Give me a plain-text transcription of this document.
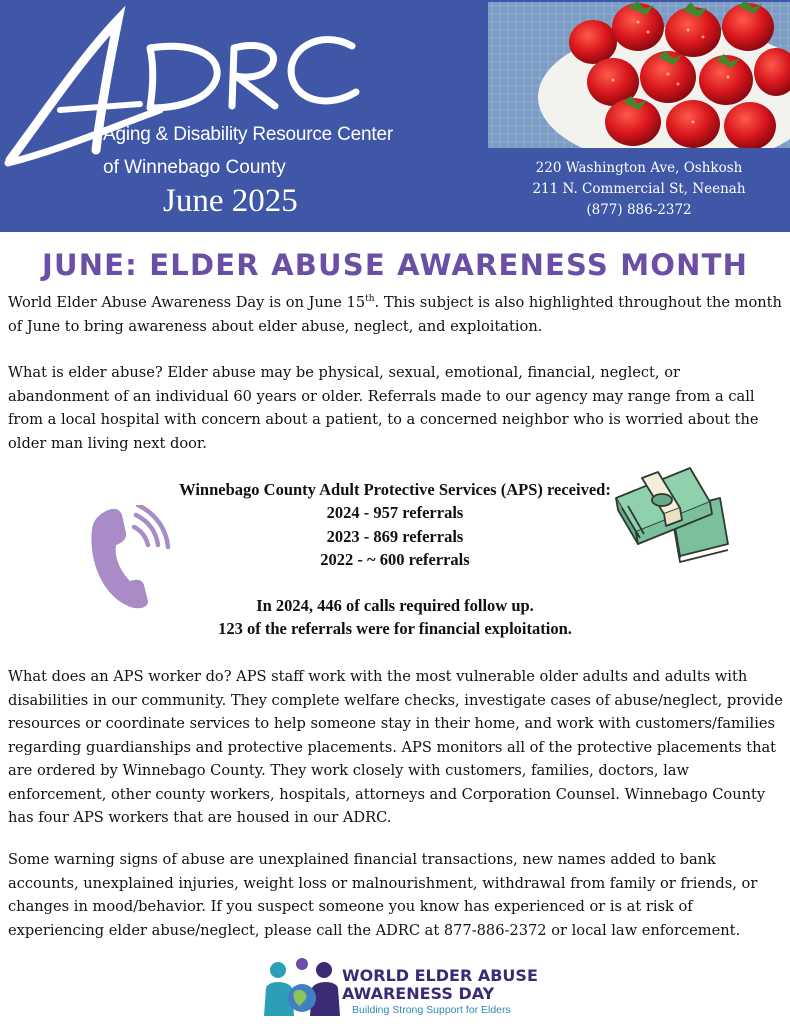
Aging & Disability Resource Center
of Winnebago County
June 2025
220 Washington Ave, Oshkosh
211 N. Commercial St, Neenah
(877) 886-2372
JUNE: ELDER ABUSE AWARENESS MONTH
World Elder Abuse Awareness Day is on June 15th. This subject is also highlighted throughout the month of June to bring awareness about elder abuse, neglect, and exploitation.
What is elder abuse? Elder abuse may be physical, sexual, emotional, financial, neglect, or abandonment of an individual 60 years or older. Referrals made to our agency may range from a call from a local hospital with concern about a patient, to a concerned neighbor who is worried about the older man living next door.
Winnebago County Adult Protective Services (APS) received:
2024 - 957 referrals
2023 - 869 referrals
2022 - ~ 600 referrals
In 2024, 446 of calls required follow up.
123 of the referrals were for financial exploitation.
What does an APS worker do? APS staff work with the most vulnerable older adults and adults with disabilities in our community. They complete welfare checks, investigate cases of abuse/neglect, provide resources or coordinate services to help someone stay in their home, and work with customers/families regarding guardianships and protective placements. APS monitors all of the protective placements that are ordered by Winnebago County. They work closely with customers, families, doctors, law enforcement, other county workers, hospitals, attorneys and Corporation Counsel. Winnebago County has four APS workers that are housed in our ADRC.
Some warning signs of abuse are unexplained financial transactions, new names added to bank accounts, unexplained injuries, weight loss or malnourishment, withdrawal from family or friends, or changes in mood/behavior. If you suspect someone you know has experienced or is at risk of experiencing elder abuse/neglect, please call the ADRC at 877-886-2372 or local law enforcement.
WORLD ELDER ABUSE
AWARENESS DAY
Building Strong Support for Elders
